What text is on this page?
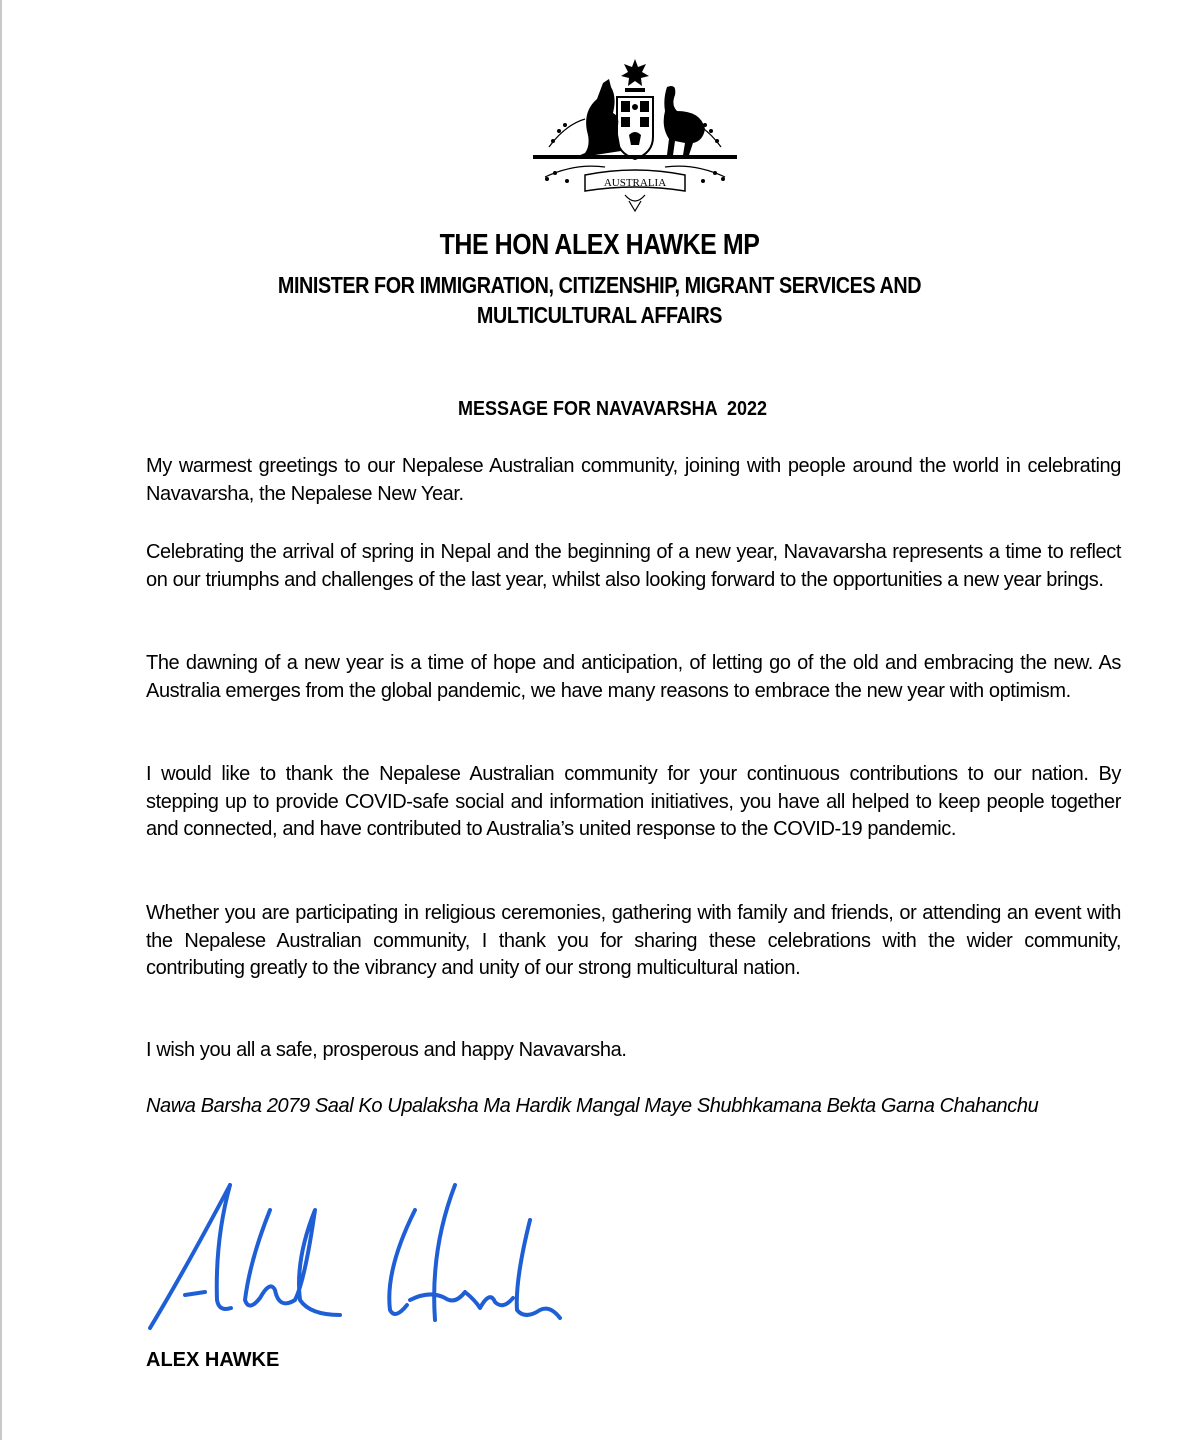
AUSTRALIA
THE HON ALEX HAWKE MP
MINISTER FOR IMMIGRATION, CITIZENSHIP, MIGRANT SERVICES AND
MULTICULTURAL AFFAIRS
MESSAGE FOR NAVAVARSHA  2022
My warmest greetings to our Nepalese Australian community, joining with people around the world in celebrating Navavarsha, the Nepalese New Year.
Celebrating the arrival of spring in Nepal and the beginning of a new year, Navavarsha represents a time to reflect on our triumphs and challenges of the last year, whilst also looking forward to the opportunities a new year brings.
The dawning of a new year is a time of hope and anticipation, of letting go of the old and embracing the new. As Australia emerges from the global pandemic, we have many reasons to embrace the new year with optimism.
I would like to thank the Nepalese Australian community for your continuous contributions to our nation. By stepping up to provide COVID-safe social and information initiatives, you have all helped to keep people together and connected, and have contributed to Australia’s united response to the COVID-19 pandemic.
Whether you are participating in religious ceremonies, gathering with family and friends, or attending an event with the Nepalese Australian community, I thank you for sharing these celebrations with the wider community, contributing greatly to the vibrancy and unity of our strong multicultural nation.
I wish you all a safe, prosperous and happy Navavarsha.
Nawa Barsha 2079 Saal Ko Upalaksha Ma Hardik Mangal Maye Shubhkamana Bekta Garna Chahanchu
ALEX HAWKE
